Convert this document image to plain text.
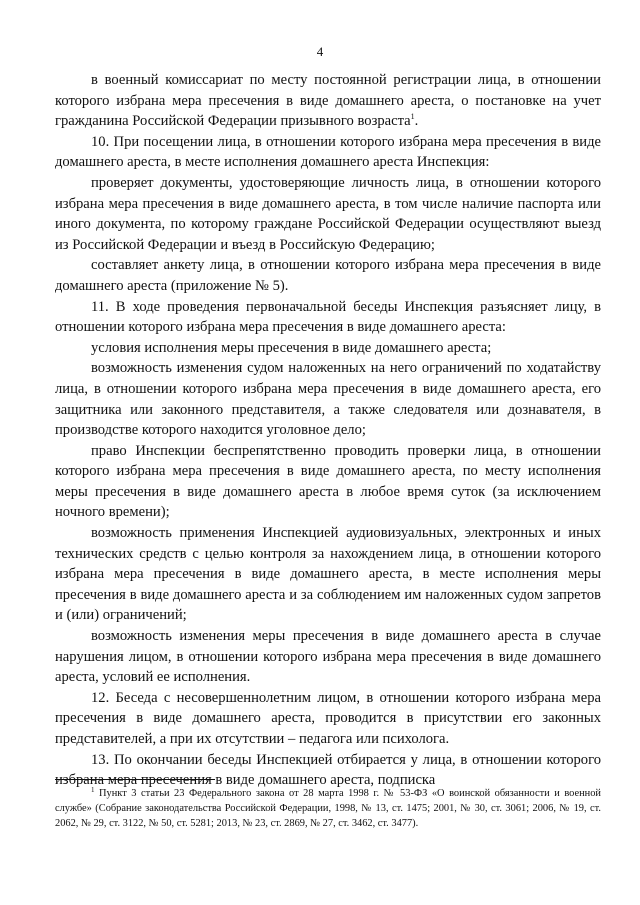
4

в военный комиссариат по месту постоянной регистрации лица, в отношении которого избрана мера пресечения в виде домашнего ареста, о постановке на учет гражданина Российской Федерации призывного возраста$^1$.

10. При посещении лица, в отношении которого избрана мера пресечения в виде домашнего ареста, в месте исполнения домашнего ареста Инспекция:

проверяет документы, удостоверяющие личность лица, в отношении которого избрана мера пресечения в виде домашнего ареста, в том числе наличие паспорта или иного документа, по которому граждане Российской Федерации осуществляют выезд из Российской Федерации и въезд в Российскую Федерацию;

составляет анкету лица, в отношении которого избрана мера пресечения в виде домашнего ареста (приложение № 5).

11. В ходе проведения первоначальной беседы Инспекция разъясняет лицу, в отношении которого избрана мера пресечения в виде домашнего ареста:

условия исполнения меры пресечения в виде домашнего ареста;

возможность изменения судом наложенных на него ограничений по ходатайству лица, в отношении которого избрана мера пресечения в виде домашнего ареста, его защитника или законного представителя, а также следователя или дознавателя, в производстве которого находится уголовное дело;

право Инспекции беспрепятственно проводить проверки лица, в отношении которого избрана мера пресечения в виде домашнего ареста, по месту исполнения меры пресечения в виде домашнего ареста в любое время суток (за исключением ночного времени);

возможность применения Инспекцией аудиовизуальных, электронных и иных технических средств с целью контроля за нахождением лица, в отношении которого избрана мера пресечения в виде домашнего ареста, в месте исполнения меры пресечения в виде домашнего ареста и за соблюдением им наложенных судом запретов и (или) ограничений;

возможность изменения меры пресечения в виде домашнего ареста в случае нарушения лицом, в отношении которого избрана мера пресечения в виде домашнего ареста, условий ее исполнения.

12. Беседа с несовершеннолетним лицом, в отношении которого избрана мера пресечения в виде домашнего ареста, проводится в присутствии его законных представителей, а при их отсутствии – педагога или психолога.

13. По окончании беседы Инспекцией отбирается у лица, в отношении которого избрана мера пресечения в виде домашнего ареста, подписка

$^1$ Пункт 3 статьи 23 Федерального закона от 28 марта 1998 г. № 53-ФЗ «О воинской обязанности и военной службе» (Собрание законодательства Российской Федерации, 1998, № 13, ст. 1475; 2001, № 30, ст. 3061; 2006, № 19, ст. 2062, № 29, ст. 3122, № 50, ст. 5281; 2013, № 23, ст. 2869, № 27, ст. 3462, ст. 3477).
